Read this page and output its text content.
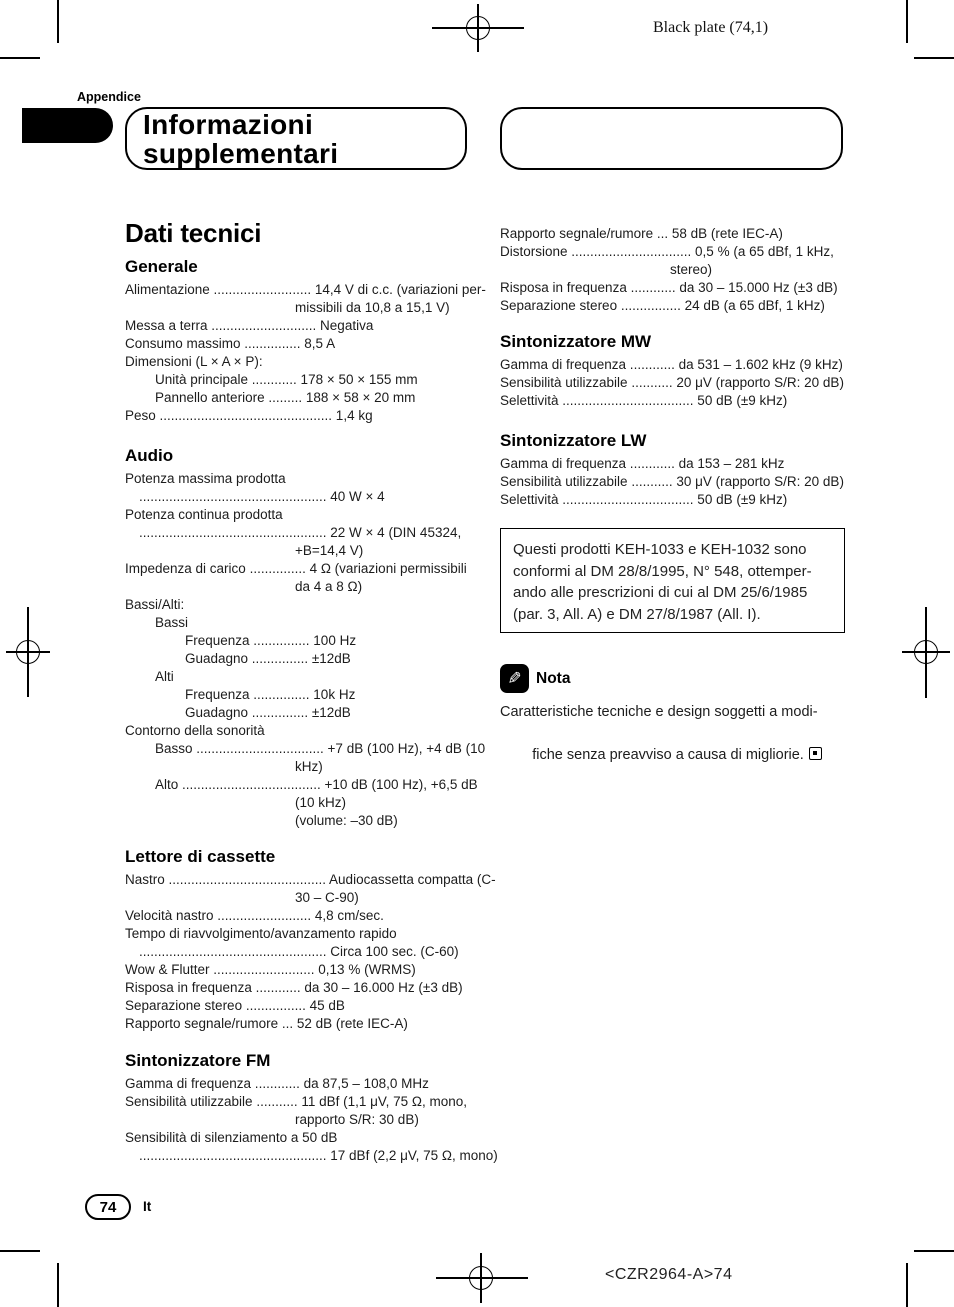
Black plate (74,1)
<CZR2964-A>74
Appendice
Informazioni
supplementari
Dati tecnici
Generale
Alimentazione .......................... 14,4 V di c.c. (variazioni per-
missibili da 10,8 a 15,1 V)
Messa a terra ............................ Negativa
Consumo massimo ............... 8,5 A
Dimensioni (L × A × P):
Unità principale ............ 178 × 50 × 155 mm
Pannello anteriore ......... 188 × 58 × 20 mm
Peso .............................................. 1,4 kg
Audio
Potenza massima prodotta
.................................................. 40 W × 4
Potenza continua prodotta
.................................................. 22 W × 4 (DIN 45324,
+B=14,4 V)
Impedenza di carico ............... 4 Ω (variazioni permissibili
da 4 a 8 Ω)
Bassi/Alti:
Bassi
Frequenza ............... 100 Hz
Guadagno ............... ±12dB
Alti
Frequenza ............... 10k Hz
Guadagno ............... ±12dB
Contorno della sonorità
Basso .................................. +7 dB (100 Hz), +4 dB (10
kHz)
Alto ..................................... +10 dB (100 Hz), +6,5 dB
(10 kHz)
(volume: –30 dB)
Lettore di cassette
Nastro .......................................... Audiocassetta compatta (C-
30 – C-90)
Velocità nastro ......................... 4,8 cm/sec.
Tempo di riavvolgimento/avanzamento rapido
.................................................. Circa 100 sec. (C-60)
Wow & Flutter ........................... 0,13 % (WRMS)
Risposa in frequenza ............ da 30 – 16.000 Hz (±3 dB)
Separazione stereo ................ 45 dB
Rapporto segnale/rumore ... 52 dB (rete IEC-A)
Sintonizzatore FM
Gamma di frequenza ............ da 87,5 – 108,0 MHz
Sensibilità utilizzabile ........... 11 dBf (1,1 μV, 75 Ω, mono,
rapporto S/R: 30 dB)
Sensibilità di silenziamento a 50 dB
.................................................. 17 dBf (2,2 μV, 75 Ω, mono)
Rapporto segnale/rumore ... 58 dB (rete IEC-A)
Distorsione ................................ 0,5 % (a 65 dBf, 1 kHz,
stereo)
Risposa in frequenza ............ da 30 – 15.000 Hz (±3 dB)
Separazione stereo ................ 24 dB (a 65 dBf, 1 kHz)
Sintonizzatore MW
Gamma di frequenza ............ da 531 – 1.602 kHz (9 kHz)
Sensibilità utilizzabile ........... 20 μV (rapporto S/R: 20 dB)
Selettività ................................... 50 dB (±9 kHz)
Sintonizzatore LW
Gamma di frequenza ............ da 153 – 281 kHz
Sensibilità utilizzabile ........... 30 μV (rapporto S/R: 20 dB)
Selettività ................................... 50 dB (±9 kHz)
Questi prodotti KEH-1033 e KEH-1032 sono
conformi al DM 28/8/1995, N° 548, ottemper-
ando alle prescrizioni di cui al DM 25/6/1985
(par. 3, All. A) e DM 27/8/1987 (All. I).
✎ Nota
Caratteristiche tecniche e design soggetti a modi-

fiche senza preavviso a causa di migliorie.

74	It
